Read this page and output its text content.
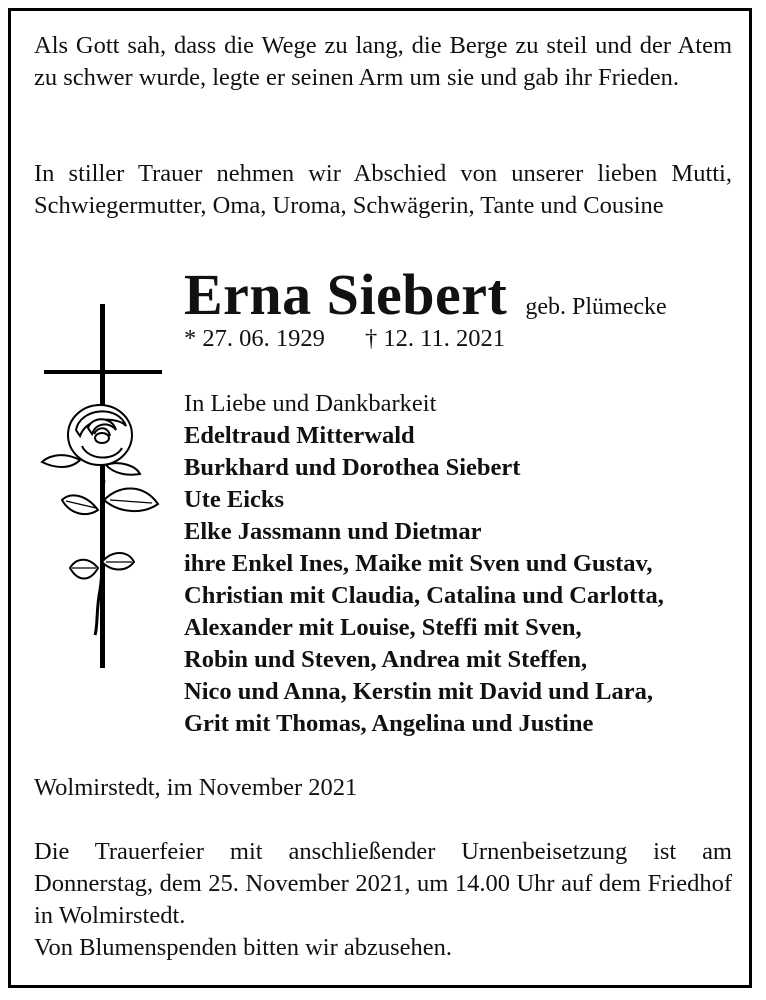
Als Gott sah, dass die Wege zu lang, die Berge zu steil und der Atem zu schwer wurde, legte er seinen Arm um sie und gab ihr Frieden.
In stiller Trauer nehmen wir Abschied von unserer lieben Mutti, Schwiegermutter, Oma, Uroma, Schwägerin, Tante und Cousine
Erna Siebert geb. Plümecke
* 27. 06. 1929 † 12. 11. 2021
In Liebe und Dankbarkeit
Edeltraud Mitterwald
Burkhard und Dorothea Siebert
Ute Eicks
Elke Jassmann und Dietmar
ihre Enkel Ines, Maike mit Sven und Gustav,
Christian mit Claudia, Catalina und Carlotta,
Alexander mit Louise, Steffi mit Sven,
Robin und Steven, Andrea mit Steffen,
Nico und Anna, Kerstin mit David und Lara,
Grit mit Thomas, Angelina und Justine
Wolmirstedt, im November 2021
Die Trauerfeier mit anschließender Urnenbeisetzung ist am Donnerstag, dem 25. November 2021, um 14.00 Uhr auf dem Friedhof in Wolmirstedt.
Von Blumenspenden bitten wir abzusehen.
